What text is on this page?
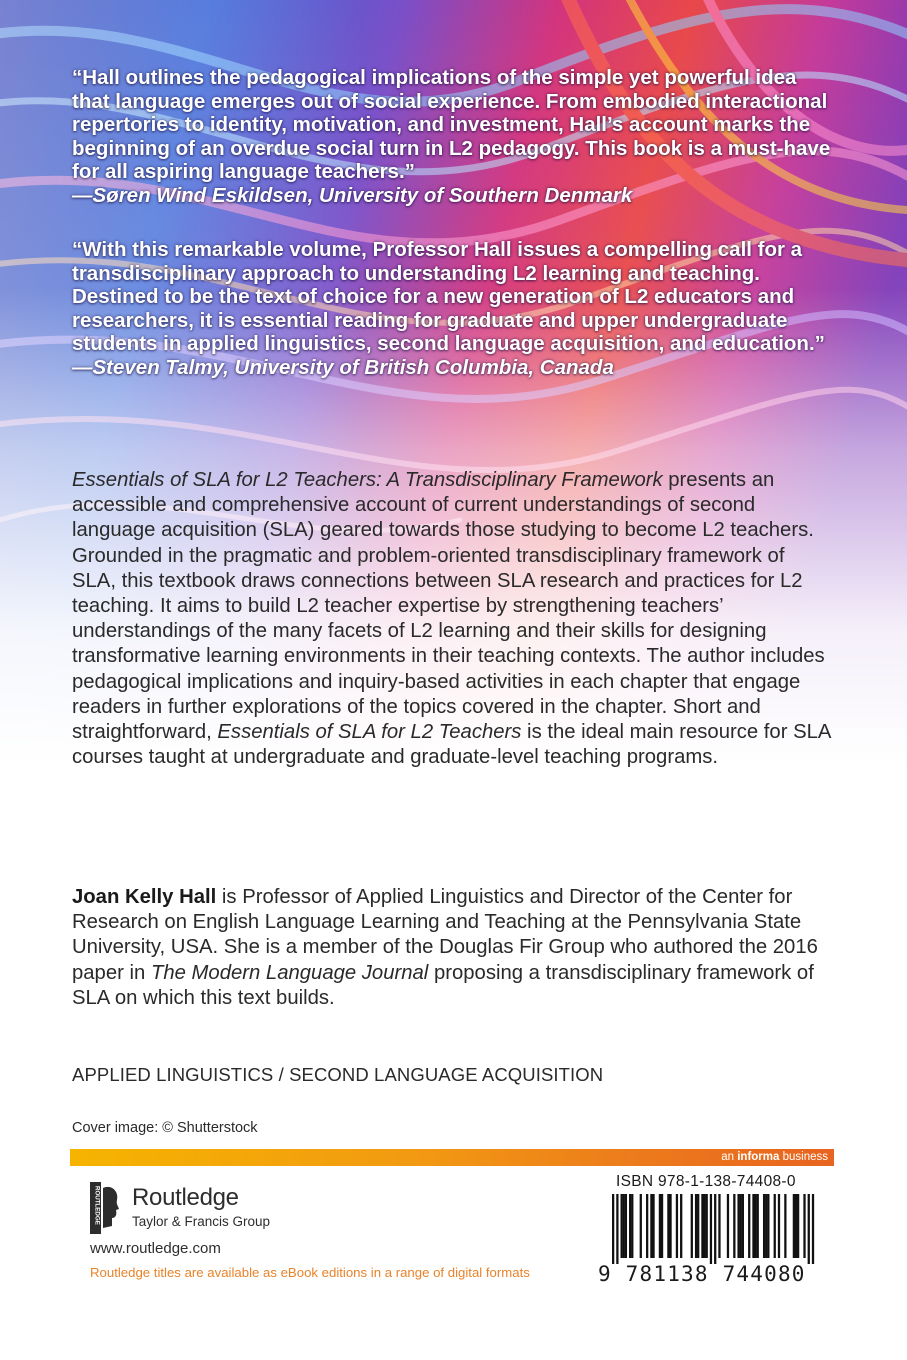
“Hall outlines the pedagogical implications of the simple yet powerful idea that language emerges out of social experience. From embodied interactional repertories to identity, motivation, and investment, Hall’s account marks the beginning of an overdue social turn in L2 pedagogy. This book is a must-have for all aspiring language teachers.”
—Søren Wind Eskildsen, University of Southern Denmark

“With this remarkable volume, Professor Hall issues a compelling call for a transdisciplinary approach to understanding L2 learning and teaching. Destined to be the text of choice for a new generation of L2 educators and researchers, it is essential reading for graduate and upper undergraduate students in applied linguistics, second language acquisition, and education.”
—Steven Talmy, University of British Columbia, Canada

Essentials of SLA for L2 Teachers: A Transdisciplinary Framework presents an accessible and comprehensive account of current understandings of second language acquisition (SLA) geared towards those studying to become L2 teachers. Grounded in the pragmatic and problem-oriented transdisciplinary framework of SLA, this textbook draws connections between SLA research and practices for L2 teaching. It aims to build L2 teacher expertise by strengthening teachers’ understandings of the many facets of L2 learning and their skills for designing transformative learning environments in their teaching contexts. The author includes pedagogical implications and inquiry-based activities in each chapter that engage readers in further explorations of the topics covered in the chapter. Short and straightforward, Essentials of SLA for L2 Teachers is the ideal main resource for SLA courses taught at undergraduate and graduate-level teaching programs.

Joan Kelly Hall is Professor of Applied Linguistics and Director of the Center for Research on English Language Learning and Teaching at the Pennsylvania State University, USA. She is a member of the Douglas Fir Group who authored the 2016 paper in The Modern Language Journal proposing a transdisciplinary framework of SLA on which this text builds.

APPLIED LINGUISTICS / SECOND LANGUAGE ACQUISITION
Cover image: © Shutterstock
an informa business
ROUTLEDGE Routledge
Taylor & Francis Group
www.routledge.com
Routledge titles are available as eBook editions in a range of digital formats
ISBN 978-1-138-74408-0
9 781138 744080
